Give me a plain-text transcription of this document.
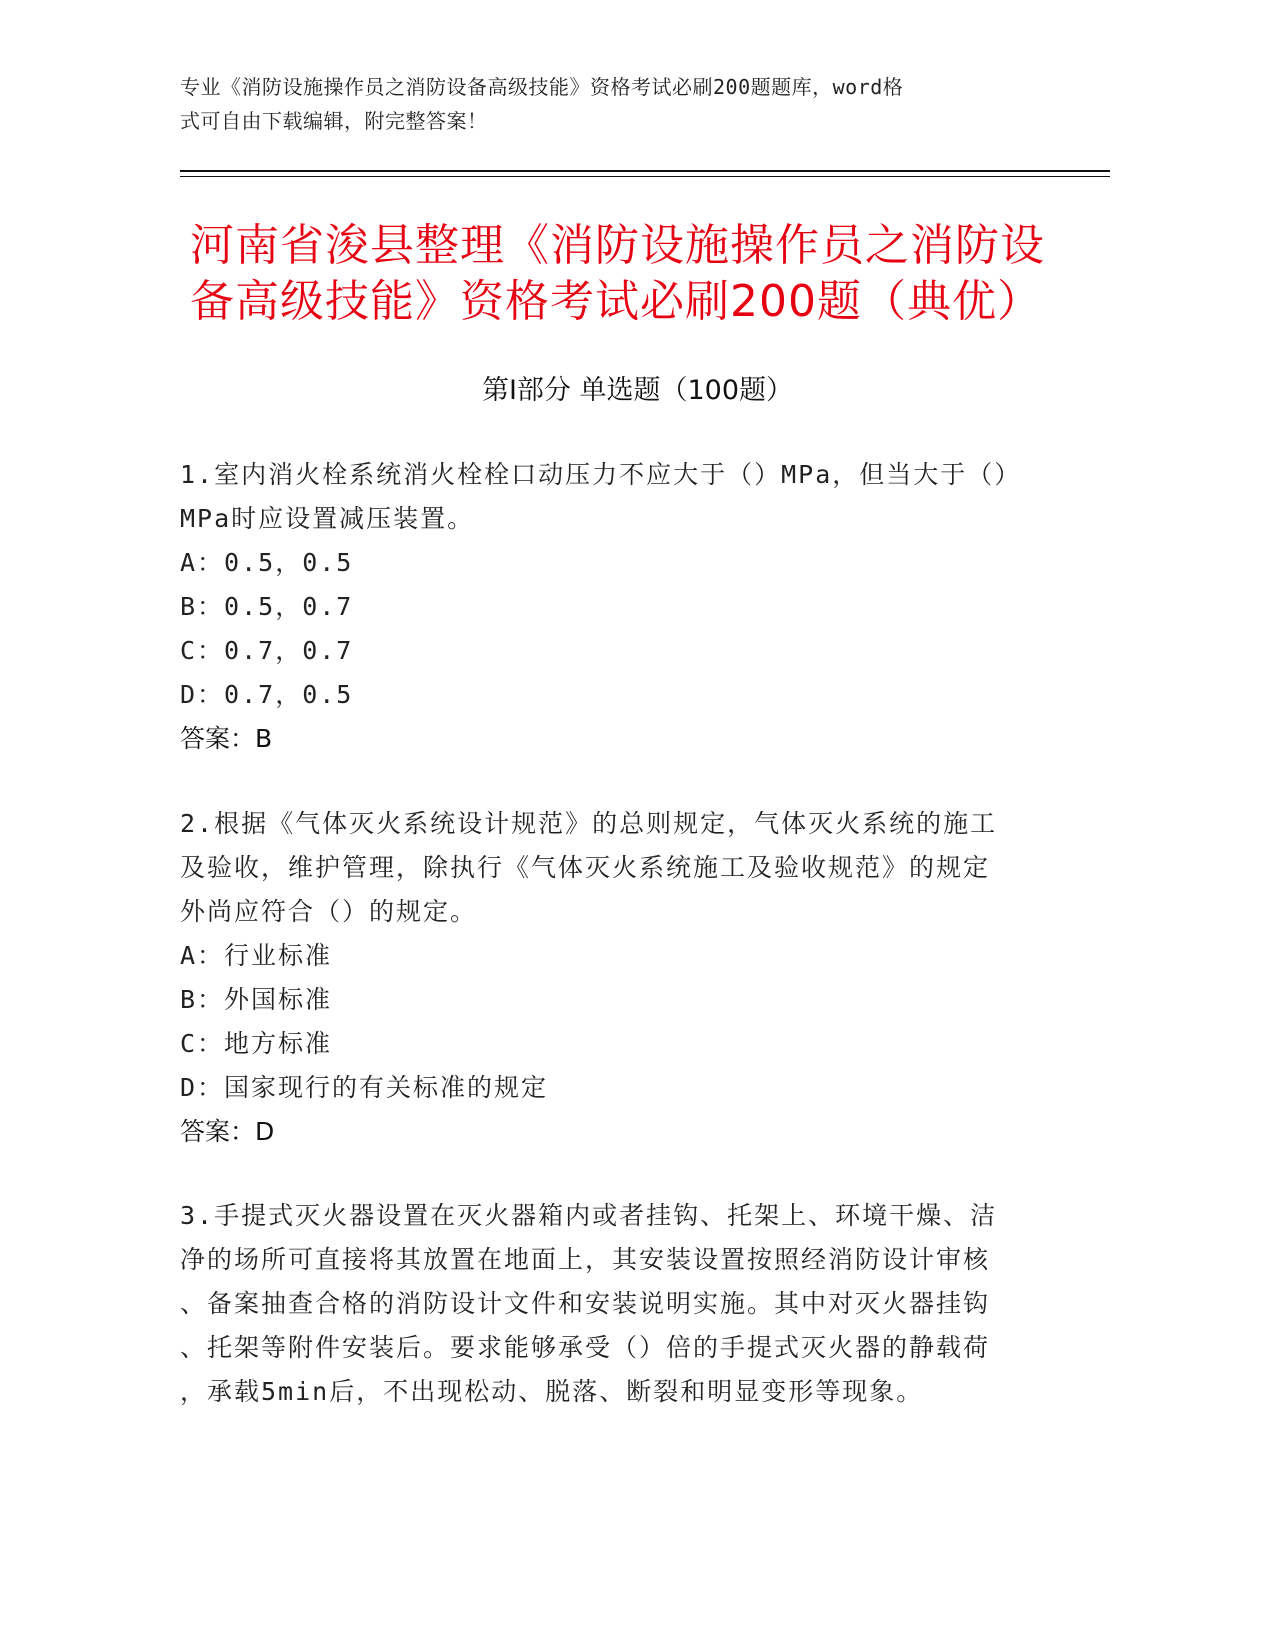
专业《消防设施操作员之消防设备高级技能》资格考试必刷200题题库，word格
式可自由下载编辑，附完整答案！
河南省浚县整理《消防设施操作员之消防设
备高级技能》资格考试必刷200题（典优）
第Ⅰ部分 单选题（100题）
1.室内消火栓系统消火栓栓口动压力不应大于（）MPa，但当大于（）
MPa时应设置减压装置。
A：0.5，0.5
B：0.5，0.7
C：0.7，0.7
D：0.7，0.5
答案：B
2.根据《气体灭火系统设计规范》的总则规定，气体灭火系统的施工
及验收，维护管理，除执行《气体灭火系统施工及验收规范》的规定
外尚应符合（）的规定。
A：行业标准
B：外国标准
C：地方标准
D：国家现行的有关标准的规定
答案：D
3.手提式灭火器设置在灭火器箱内或者挂钩、托架上、环境干燥、洁
净的场所可直接将其放置在地面上，其安装设置按照经消防设计审核
、备案抽查合格的消防设计文件和安装说明实施。其中对灭火器挂钩
、托架等附件安装后。要求能够承受（）倍的手提式灭火器的静载荷
，承载5min后，不出现松动、脱落、断裂和明显变形等现象。
